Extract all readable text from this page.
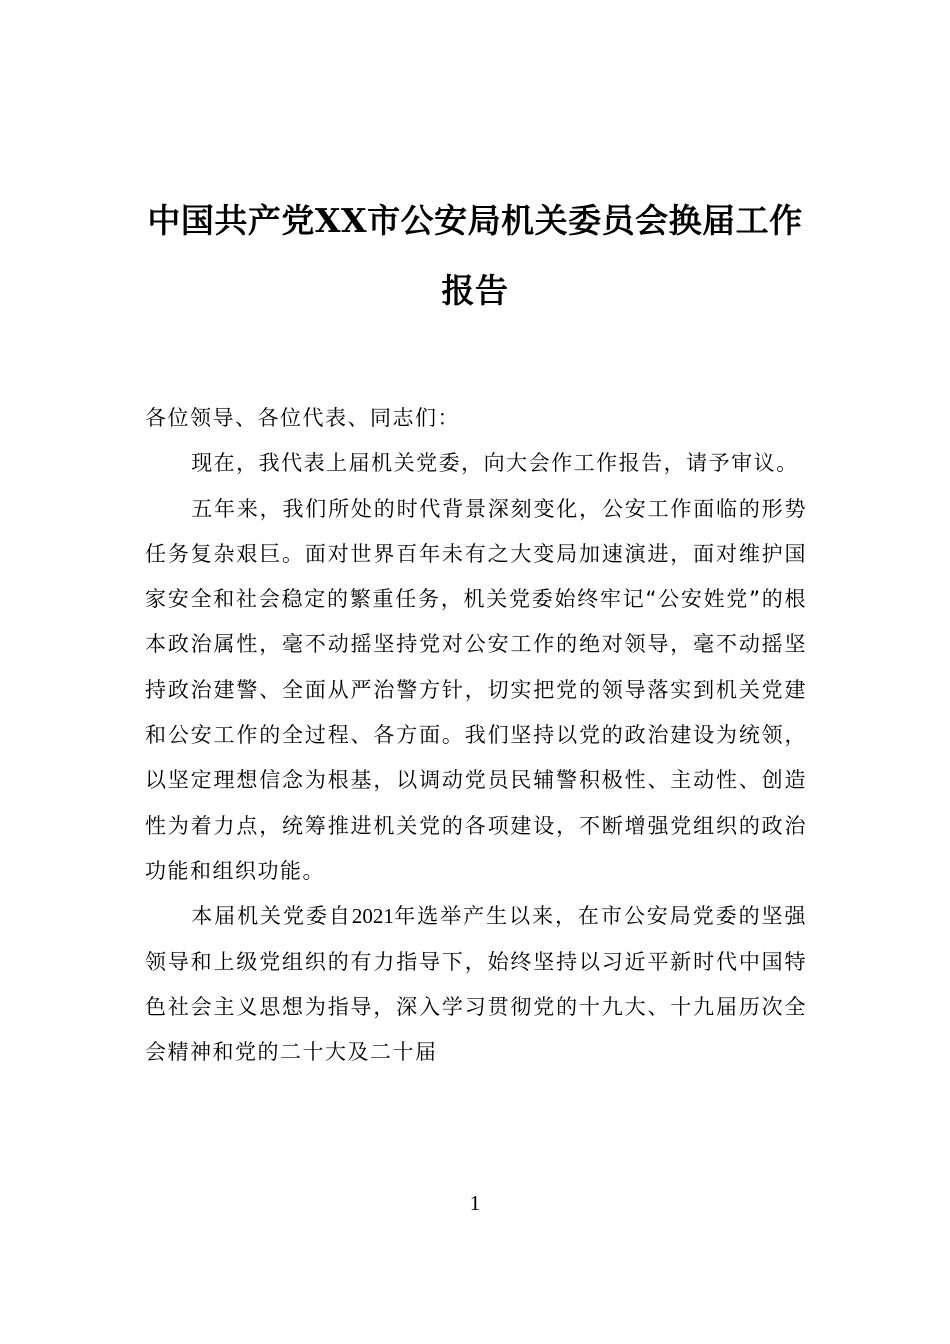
中国共产党XX市公安局机关委员会换届工作报告

各位领导、各位代表、同志们：

现在，我代表上届机关党委，向大会作工作报告，请予审议。

五年来，我们所处的时代背景深刻变化，公安工作面临的形势任务复杂艰巨。面对世界百年未有之大变局加速演进，面对维护国家安全和社会稳定的繁重任务，机关党委始终牢记“公安姓党”的根本政治属性，毫不动摇坚持党对公安工作的绝对领导，毫不动摇坚持政治建警、全面从严治警方针，切实把党的领导落实到机关党建和公安工作的全过程、各方面。我们坚持以党的政治建设为统领，以坚定理想信念为根基，以调动党员民辅警积极性、主动性、创造性为着力点，统筹推进机关党的各项建设，不断增强党组织的政治功能和组织功能。

本届机关党委自2021年选举产生以来，在市公安局党委的坚强领导和上级党组织的有力指导下，始终坚持以习近平新时代中国特色社会主义思想为指导，深入学习贯彻党的十九大、十九届历次全会精神和党的二十大及二十届

1
